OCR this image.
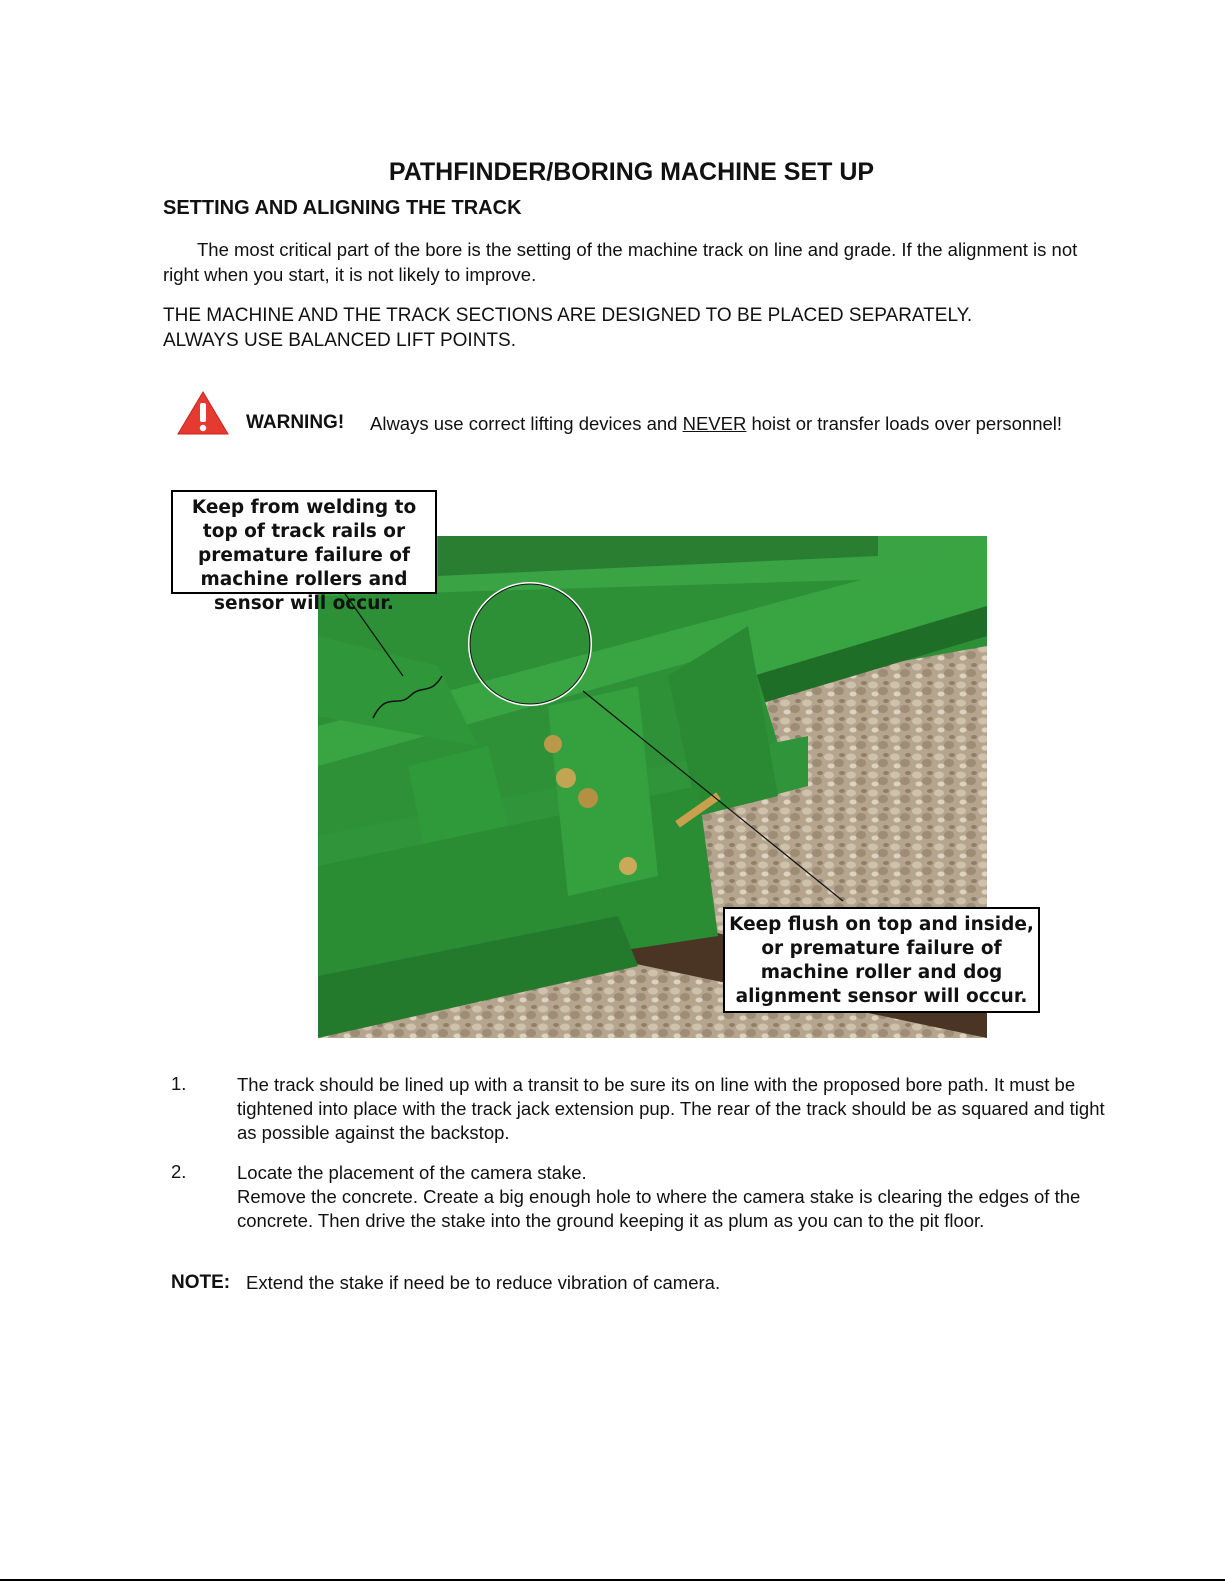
PATHFINDER/BORING MACHINE SET UP
SETTING AND ALIGNING THE TRACK
The most critical part of the bore is the setting of the machine track on line and grade. If the alignment is not right when you start, it is not likely to improve.
THE MACHINE AND THE TRACK SECTIONS ARE DESIGNED TO BE PLACED SEPARATELY.
ALWAYS USE BALANCED LIFT POINTS.
WARNING! Always use correct lifting devices and NEVER hoist or transfer loads over personnel!
Keep from welding to top of track rails or premature failure of machine rollers and sensor will occur.
Keep flush on top and inside, or premature failure of machine roller and dog alignment sensor will occur.
1.	The track should be lined up with a transit to be sure its on line with the proposed bore path. It must be tightened into place with the track jack extension pup. The rear of the track should be as squared and tight as possible against the backstop.
2.	Locate the placement of the camera stake.
Remove the concrete. Create a big enough hole to where the camera stake is clearing the edges of the concrete. Then drive the stake into the ground keeping it as plum as you can to the pit floor.
NOTE: Extend the stake if need be to reduce vibration of camera.
